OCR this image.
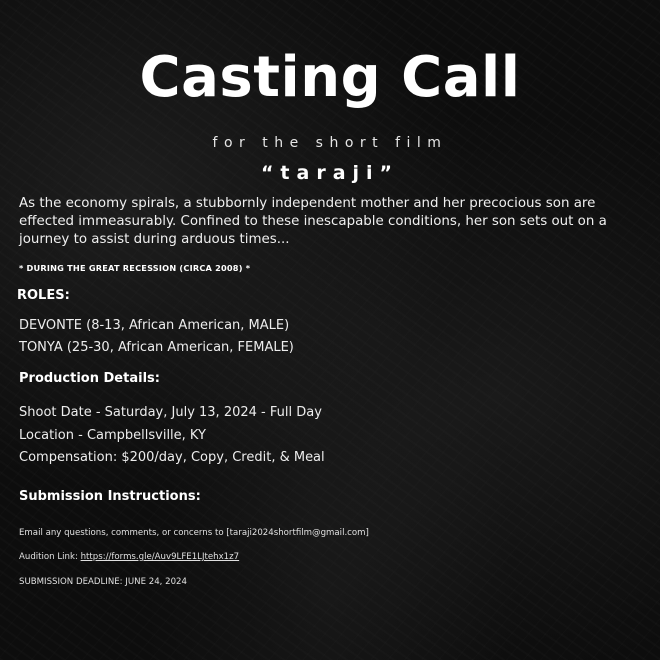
Casting Call
for the short film
“taraji”
As the economy spirals, a stubbornly independent mother and her precocious son are effected immeasurably. Confined to these inescapable conditions, her son sets out on a journey to assist during arduous times...
* DURING THE GREAT RECESSION (CIRCA 2008) *
ROLES:
DEVONTE (8-13, African American, MALE)
TONYA (25-30, African American, FEMALE)
Production Details:
Shoot Date - Saturday, July 13, 2024 - Full Day
Location - Campbellsville, KY
Compensation: $200/day, Copy, Credit, & Meal
Submission Instructions:
Email any questions, comments, or concerns to [taraji2024shortfilm@gmail.com]
Audition Link: https://forms.gle/Auv9LFE1LJtehx1z7
SUBMISSION DEADLINE: JUNE 24, 2024
